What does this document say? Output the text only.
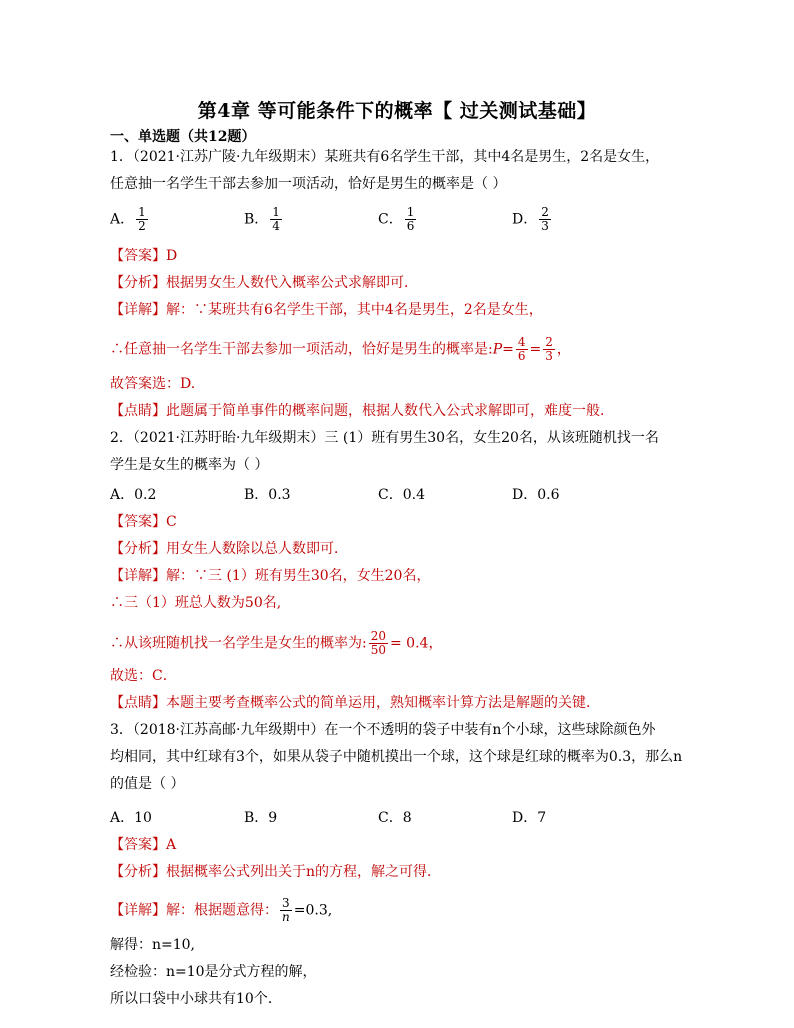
第4章 等可能条件下的概率【 过关测试基础】
一、单选题（共12题）
1．（2021·江苏广陵·九年级期末）某班共有6名学生干部，其中4名是男生，2名是女生，
任意抽一名学生干部去参加一项活动，恰好是男生的概率是（ ）
A． $\frac{1}{2}$	B． $\frac{1}{4}$	C． $\frac{1}{6}$	D． $\frac{2}{3}$
【答案】D
【分析】根据男女生人数代入概率公式求解即可．
【详解】解：∵某班共有6名学生干部，其中4名是男生，2名是女生，
∴任意抽一名学生干部去参加一项活动，恰好是男生的概率是:P= $\frac{4}{6} = \frac{2}{3}$ ，
故答案选：D.
【点睛】此题属于简单事件的概率问题，根据人数代入公式求解即可，难度一般．
2．（2021·江苏盱眙·九年级期末）三 (1）班有男生30名，女生20名，从该班随机找一名
学生是女生的概率为（ ）
A．0.2	B．0.3	C．0.4	D．0.6
【答案】C
【分析】用女生人数除以总人数即可．
【详解】解：∵三 (1）班有男生30名，女生20名，
∴三（1）班总人数为50名,
∴从该班随机找一名学生是女生的概率为: $\frac{20}{50} = 0.4$，
故选：C．
【点睛】本题主要考查概率公式的简单运用，熟知概率计算方法是解题的关键．
3．（2018·江苏高邮·九年级期中）在一个不透明的袋子中装有n个小球，这些球除颜色外
均相同，其中红球有3个，如果从袋子中随机摸出一个球，这个球是红球的概率为0.3，那么n
的值是（ ）
A．10	B．9	C．8	D．7
【答案】A
【分析】根据概率公式列出关于n的方程，解之可得．
【详解】解：根据题意得： $\frac{3}{n} =0.3$,
解得：n=10,
经检验：n=10是分式方程的解，
所以口袋中小球共有10个．
